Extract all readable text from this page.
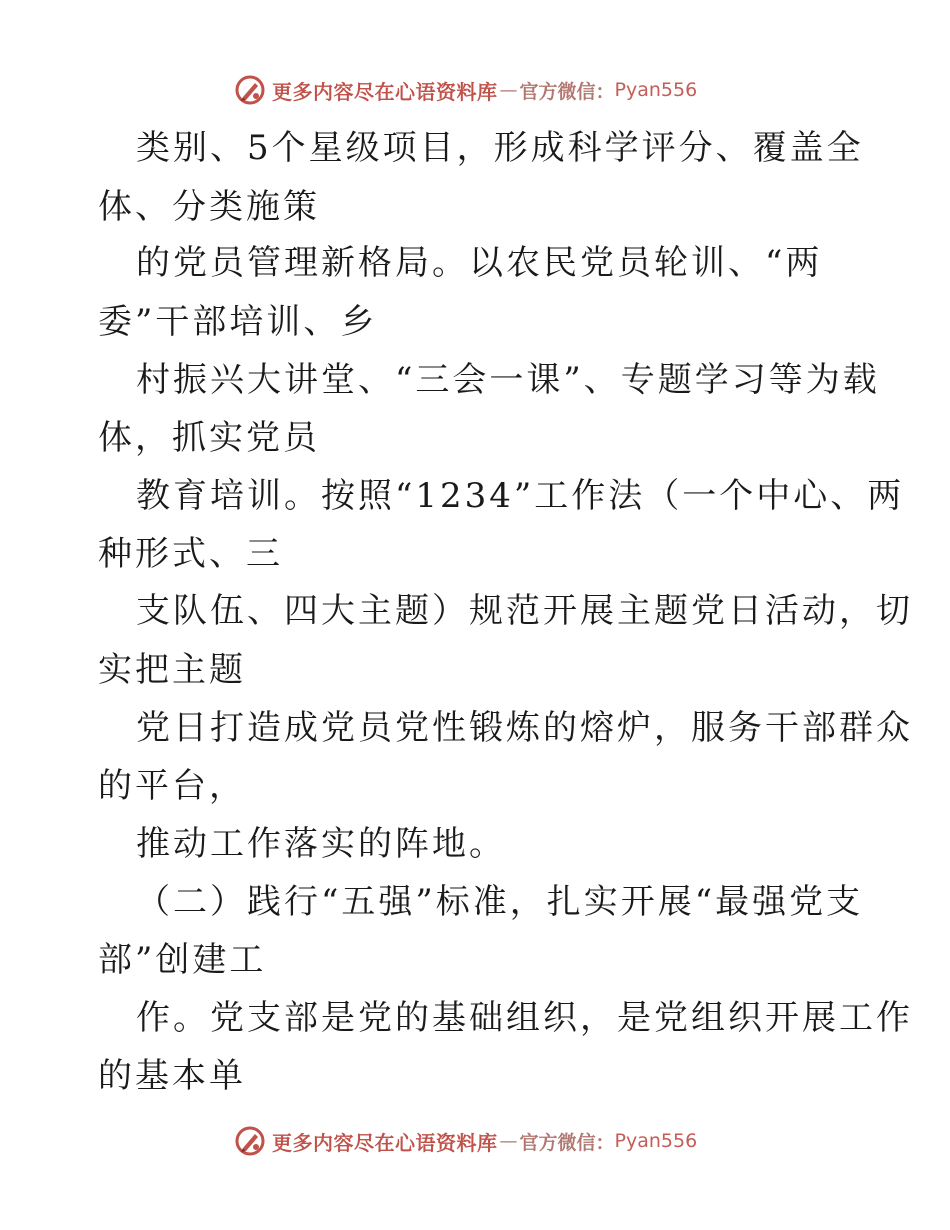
更多内容尽在心语资料库 — 官方微信： Pyan556
类别、5个星级项目，形成科学评分、覆盖全
体、分类施策
的党员管理新格局。以农民党员轮训、“两
委”干部培训、乡
村振兴大讲堂、“三会一课”、专题学习等为载
体，抓实党员
教育培训。按照“1234”工作法（一个中心、两
种形式、三
支队伍、四大主题）规范开展主题党日活动，切
实把主题
党日打造成党员党性锻炼的熔炉，服务干部群众
的平台，
推动工作落实的阵地。
（二）践行“五强”标准，扎实开展“最强党支
部”创建工
作。党支部是党的基础组织，是党组织开展工作
的基本单
更多内容尽在心语资料库 — 官方微信： Pyan556
